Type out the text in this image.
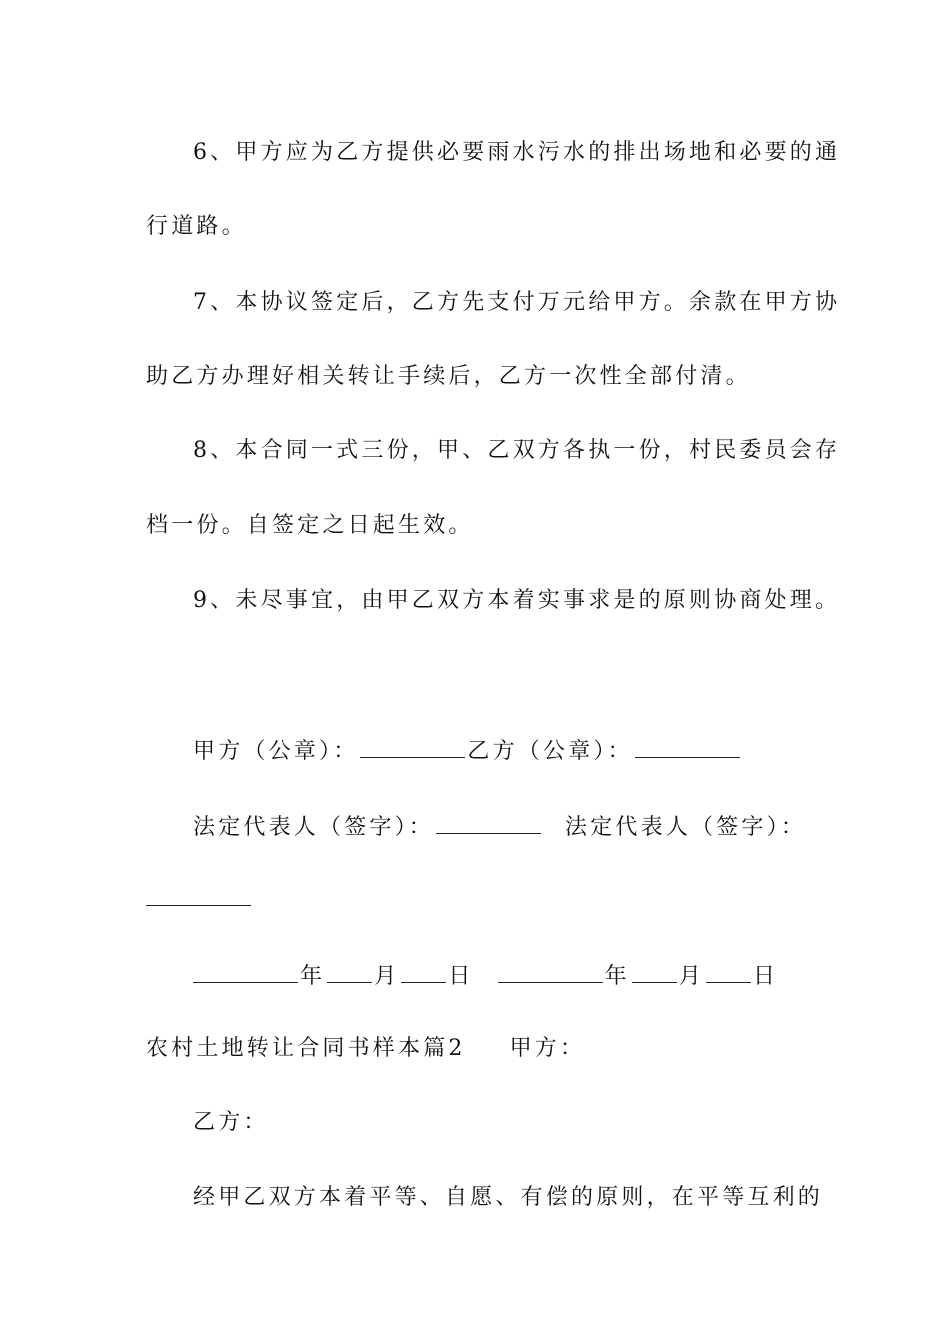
6、甲方应为乙方提供必要雨水污水的排出场地和必要的通
行道路。
7、本协议签定后，乙方先支付万元给甲方。余款在甲方协
助乙方办理好相关转让手续后，乙方一次性全部付清。
8、本合同一式三份，甲、乙双方各执一份，村民委员会存
档一份。自签定之日起生效。
9、未尽事宜，由甲乙双方本着实事求是的原则协商处理。
甲方（公章）：	乙方（公章）：
法定代表人（签字）：	法定代表人（签字）：
年 月 日	年 月 日
农村土地转让合同书样本篇2 甲方：
乙方：
经甲乙双方本着平等、自愿、有偿的原则，在平等互利的
